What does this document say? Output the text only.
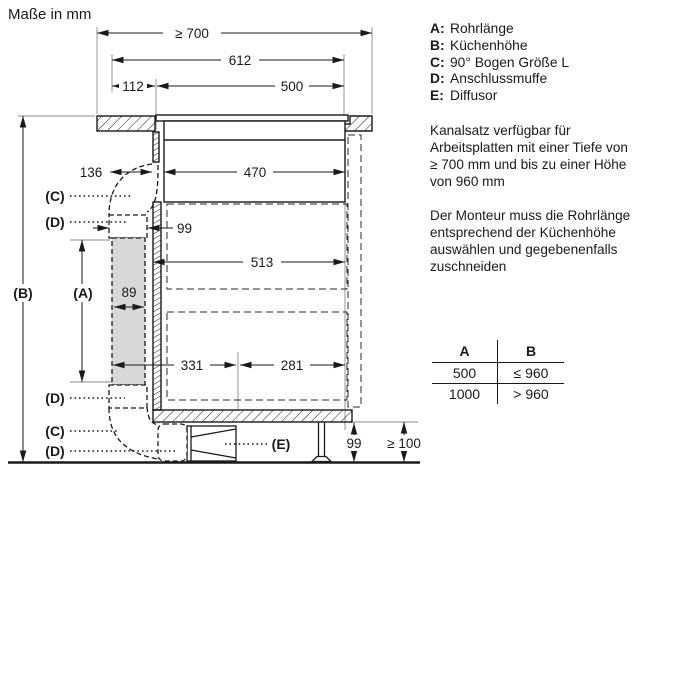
Maße in mm
A: Rohrlänge
B: Küchenhöhe
C: 90° Bogen Größe L
D: Anschlussmuffe
E: Diffusor
Kanalsatz verfügbar für
Arbeitsplatten mit einer Tiefe von
≥ 700 mm und bis zu einer Höhe
von 960 mm
Der Monteur muss die Rohrlänge
entsprechend der Küchenhöhe
auswählen und gegebenenfalls
zuschneiden
A	B
500	≤ 960
1000	> 960
≥ 700
612
112	500
136	470
99
89
513
331	281
99 ≥ 100
(A)
(B)
(C)
(D)
(D)
(C)
(D)	(E)
